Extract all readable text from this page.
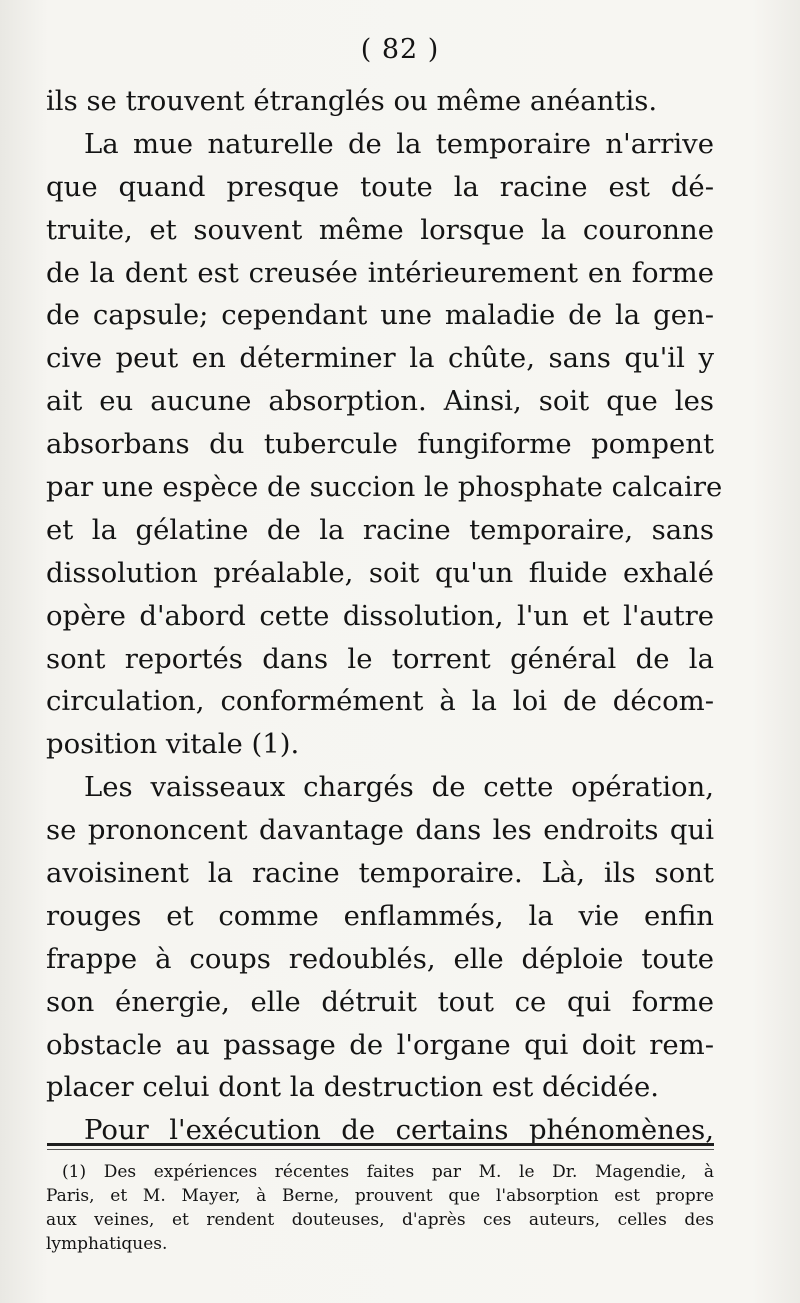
( 82 )
ils se trouvent étranglés ou même anéantis.
La mue naturelle de la temporaire n'arrive
que quand presque toute la racine est dé-
truite, et souvent même lorsque la couronne
de la dent est creusée intérieurement en forme
de capsule; cependant une maladie de la gen-
cive peut en déterminer la chûte, sans qu'il y
ait eu aucune absorption. Ainsi, soit que les
absorbans du tubercule fungiforme pompent
par une espèce de succion le phosphate calcaire
et la gélatine de la racine temporaire, sans
dissolution préalable, soit qu'un fluide exhalé
opère d'abord cette dissolution, l'un et l'autre
sont reportés dans le torrent général de la
circulation, conformément à la loi de décom-
position vitale (1).
Les vaisseaux chargés de cette opération,
se prononcent davantage dans les endroits qui
avoisinent la racine temporaire. Là, ils sont
rouges et comme enflammés, la vie enfin
frappe à coups redoublés, elle déploie toute
son énergie, elle détruit tout ce qui forme
obstacle au passage de l'organe qui doit rem-
placer celui dont la destruction est décidée.
Pour l'exécution de certains phénomènes,
(1) Des expériences récentes faites par M. le Dr. Magendie, à
Paris, et M. Mayer, à Berne, prouvent que l'absorption est propre
aux veines, et rendent douteuses, d'après ces auteurs, celles des
lymphatiques.
